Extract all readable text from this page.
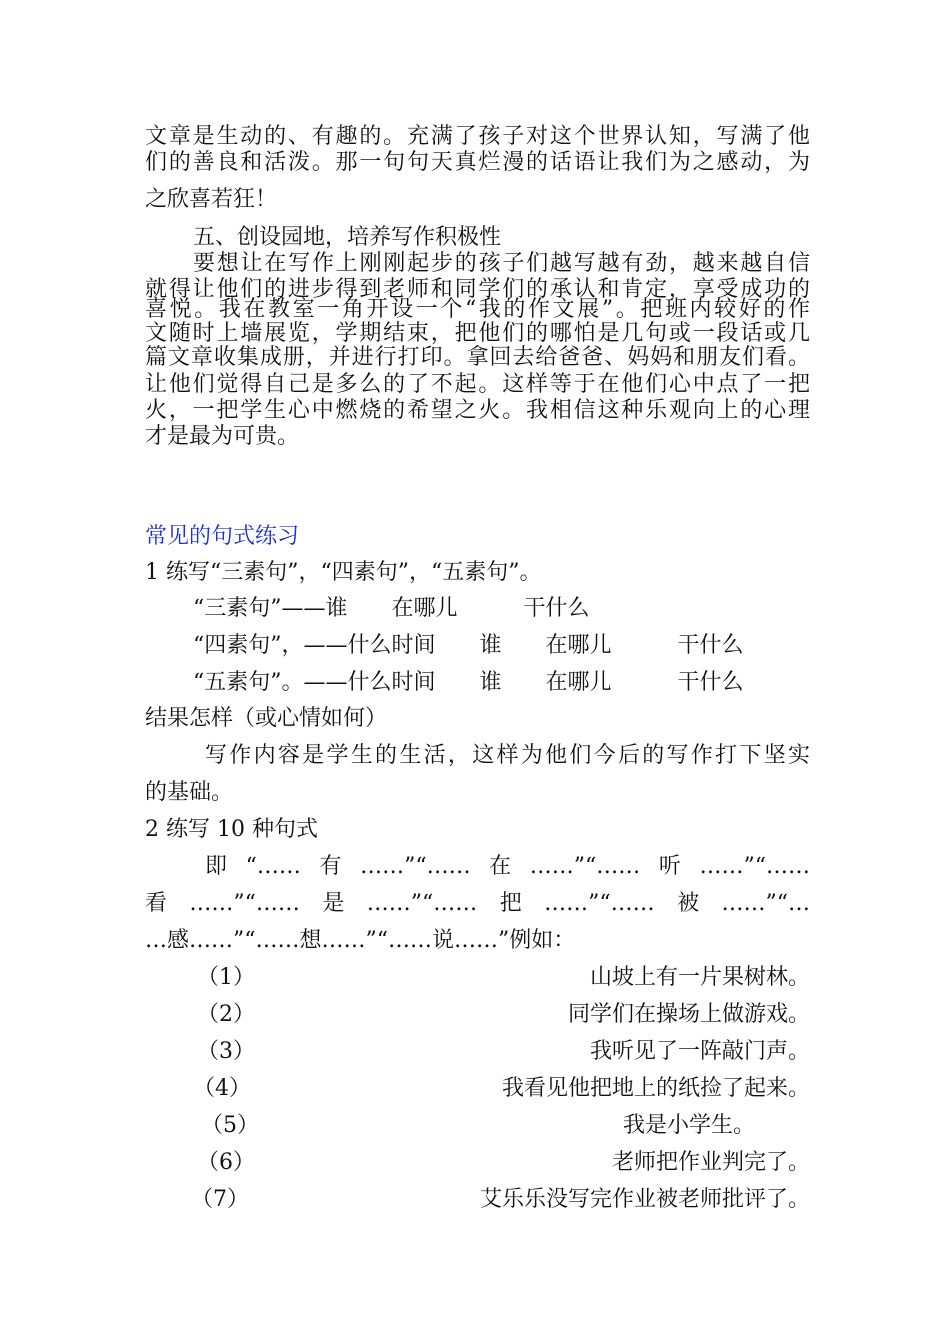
文章是生动的、有趣的。充满了孩子对这个世界认知，写满了他
们的善良和活泼。那一句句天真烂漫的话语让我们为之感动，为
之欣喜若狂！
五、创设园地，培养写作积极性
要想让在写作上刚刚起步的孩子们越写越有劲，越来越自信
就得让他们的进步得到老师和同学们的承认和肯定，享受成功的
喜悦。我在教室一角开设一个“我的作文展”。把班内较好的作
文随时上墙展览，学期结束，把他们的哪怕是几句或一段话或几
篇文章收集成册，并进行打印。拿回去给爸爸、妈妈和朋友们看。
让他们觉得自己是多么的了不起。这样等于在他们心中点了一把
火，一把学生心中燃烧的希望之火。我相信这种乐观向上的心理
才是最为可贵。
常见的句式练习
1 练写“三素句”，“四素句”，“五素句”。
“三素句”——谁　　在哪儿　　　干什么
“四素句”，——什么时间　　谁　　在哪儿　　　干什么
“五素句”。——什么时间　　谁　　在哪儿　　　干什么
结果怎样（或心情如何）
写作内容是学生的生活，这样为他们今后的写作打下坚实
的基础。
2 练写 10 种句式
即“……有……”“……在……”“……听……”“……
看……”“……是……”“……把……”“……被……”“…
…感……”“……想……”“……说……”例如：
（1）	山坡上有一片果树林。
（2）	同学们在操场上做游戏。
（3）	我听见了一阵敲门声。
（4）	我看见他把地上的纸捡了起来。
（5）	我是小学生。
（6）	老师把作业判完了。
（7）	艾乐乐没写完作业被老师批评了。
